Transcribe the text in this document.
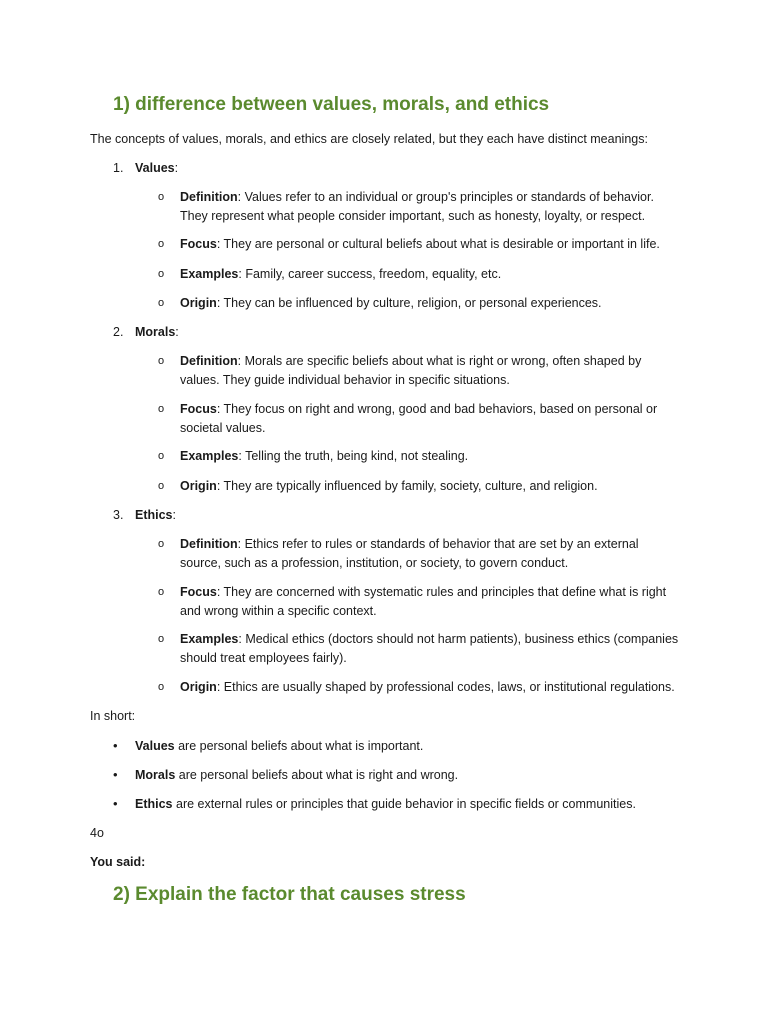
1) difference between values, morals, and ethics

The concepts of values, morals, and ethics are closely related, but they each have distinct meanings:

1. Values:
o Definition: Values refer to an individual or group's principles or standards of behavior. They represent what people consider important, such as honesty, loyalty, or respect.

o Focus: They are personal or cultural beliefs about what is desirable or important in life.

o Examples: Family, career success, freedom, equality, etc.

o Origin: They can be influenced by culture, religion, or personal experiences.

2. Morals:
o Definition: Morals are specific beliefs about what is right or wrong, often shaped by values. They guide individual behavior in specific situations.

o Focus: They focus on right and wrong, good and bad behaviors, based on personal or societal values.

o Examples: Telling the truth, being kind, not stealing.

o Origin: They are typically influenced by family, society, culture, and religion.

3. Ethics:
o Definition: Ethics refer to rules or standards of behavior that are set by an external source, such as a profession, institution, or society, to govern conduct.

o Focus: They are concerned with systematic rules and principles that define what is right and wrong within a specific context.

o Examples: Medical ethics (doctors should not harm patients), business ethics (companies should treat employees fairly).

o Origin: Ethics are usually shaped by professional codes, laws, or institutional regulations.

In short:

• Values are personal beliefs about what is important.

• Morals are personal beliefs about what is right and wrong.

• Ethics are external rules or principles that guide behavior in specific fields or communities.

4o

You said:

2) Explain the factor that causes stress
